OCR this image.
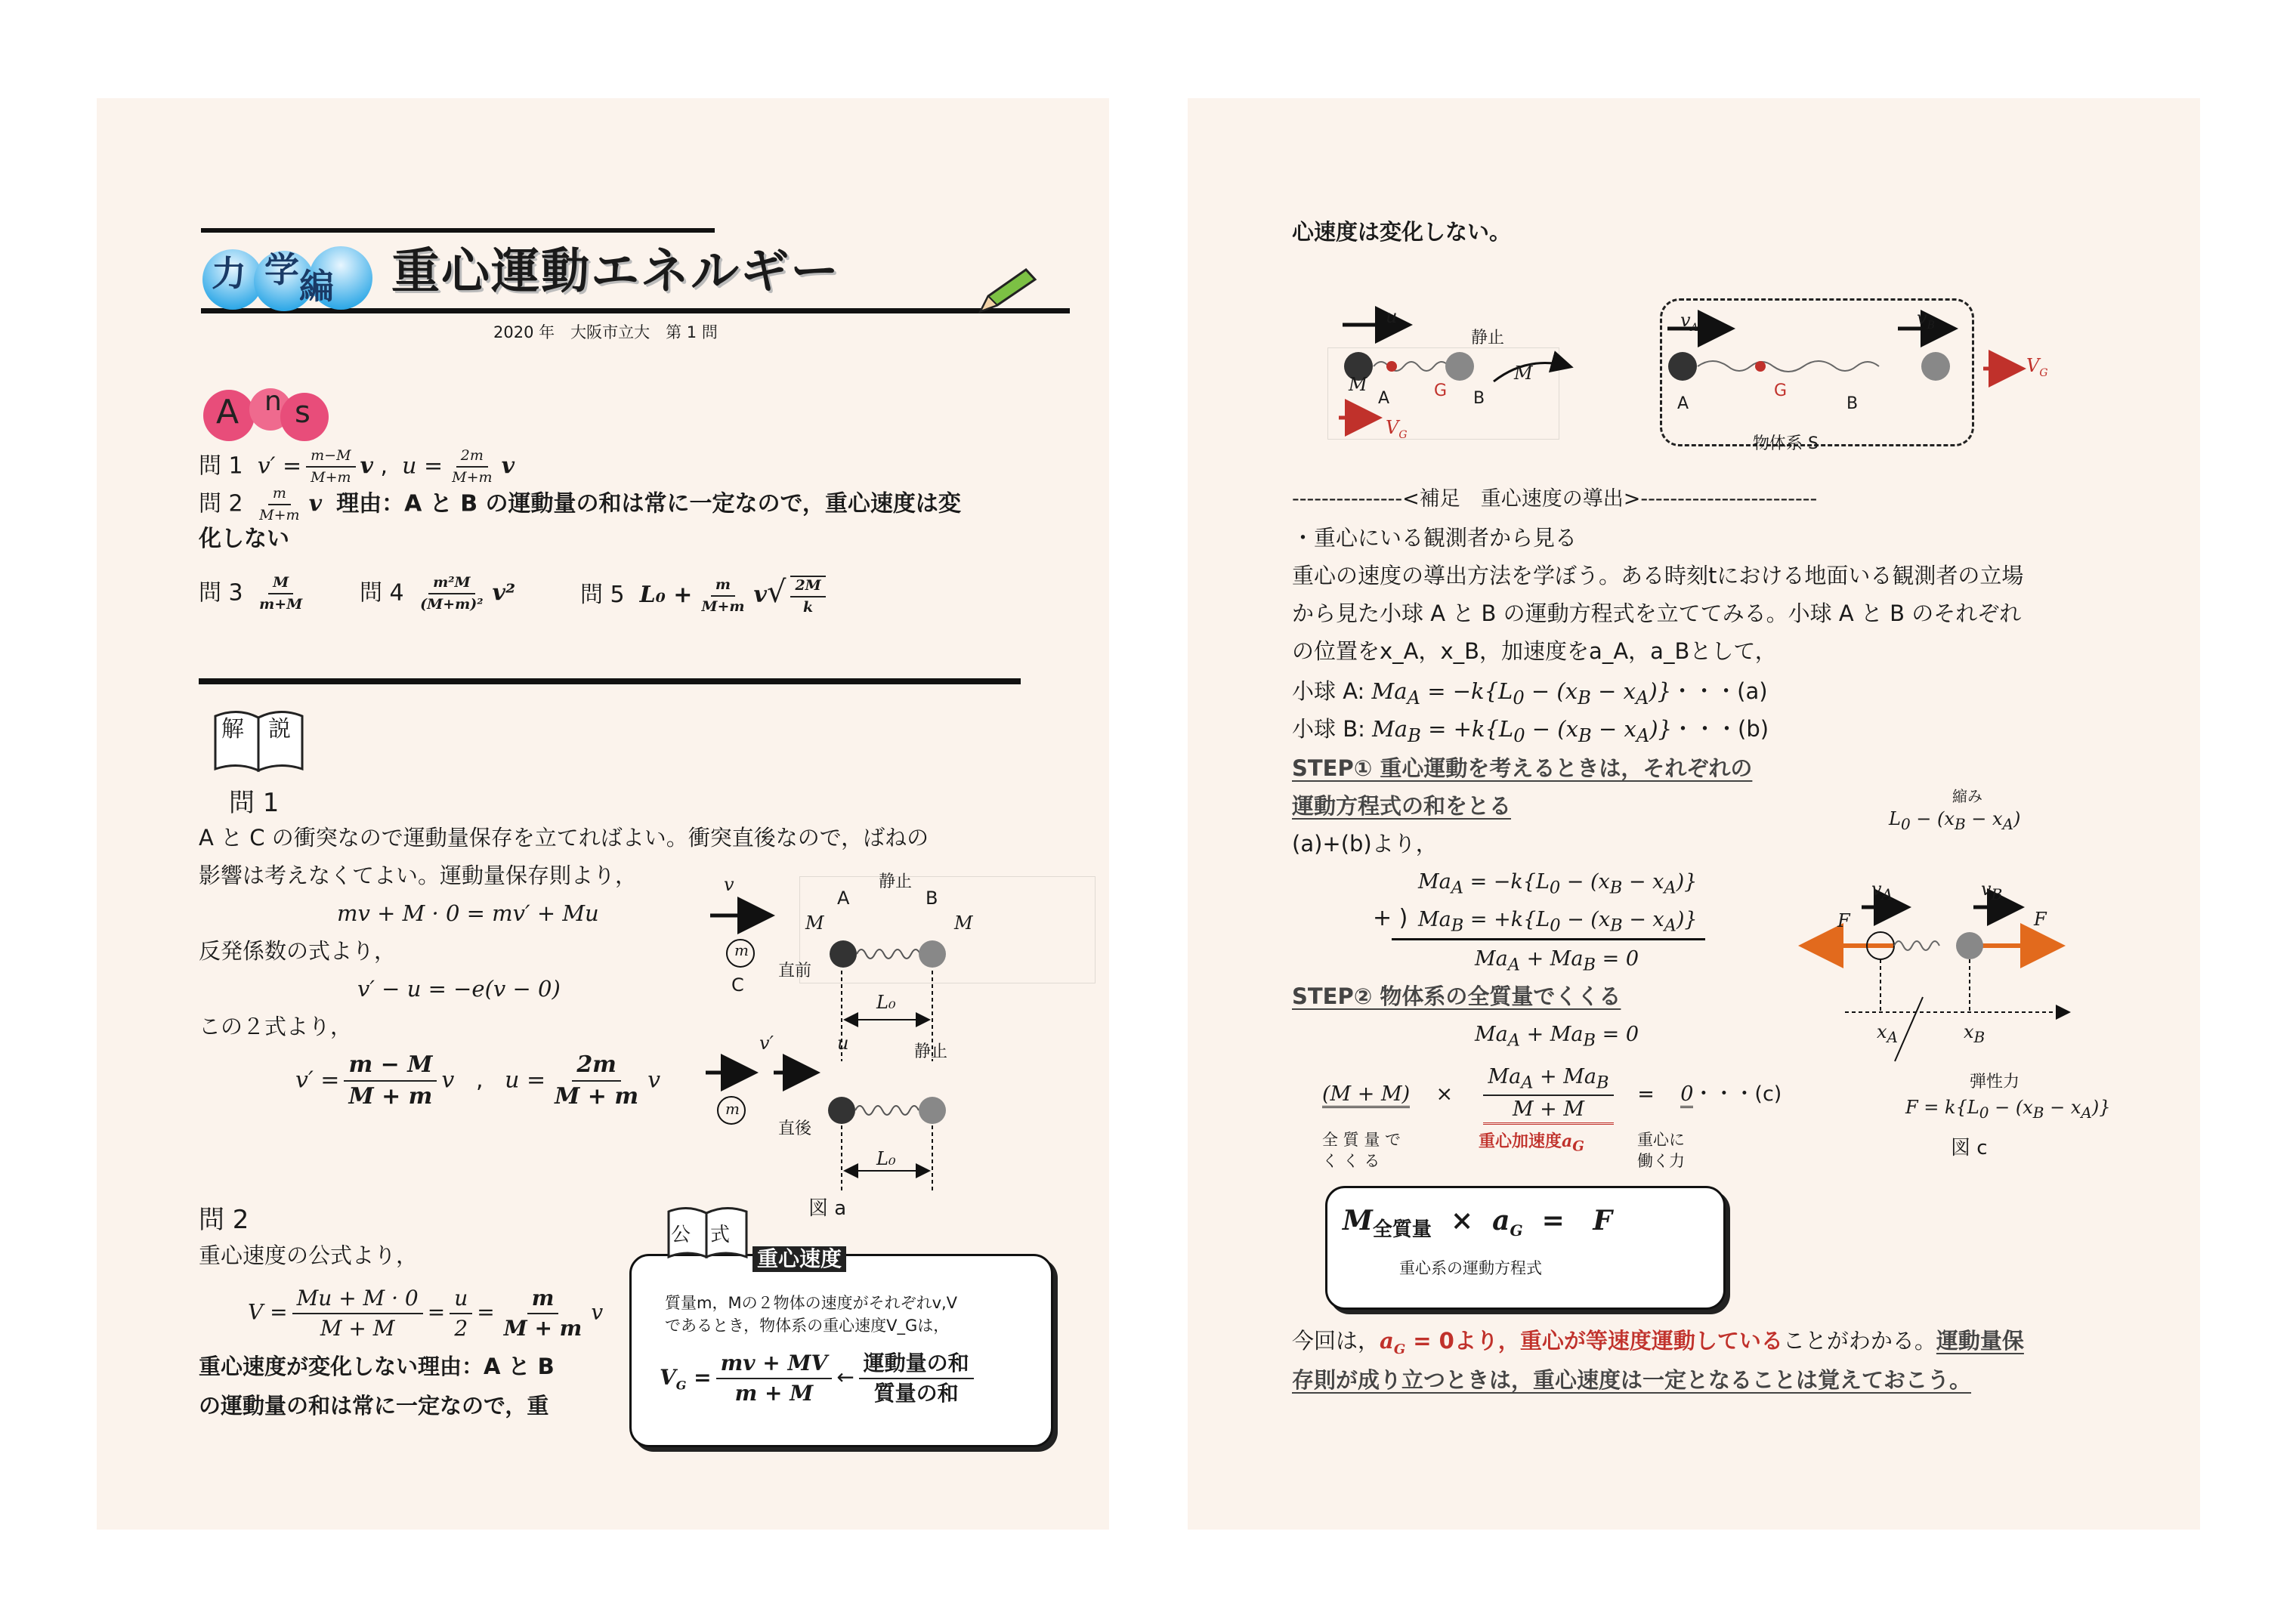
力 学 編 重心運動エネルギー
2020 年　大阪市立大　第 1 問
A n s
問 1  $v' = \frac{m-M}{M+m}$ v ,  $u = \frac{2m}{M+m}$ v
問 $2 \frac{m}{M+m}$ v 理由：A と B の運動量の和は常に一定なので，重心速度は変
化しない
問 $3 \frac{M}{m+M}$ 問 $4 \frac{\text{m²M}}{\text{(M+m)²}} v^2$	問 5  $L_0 + \frac{m}{M+m} v√ \frac{2M}{k}$
解 説
問 1
A と C の衝突なので運動量保存を立てればよい。衝突直後なので，ばねの
影響は考えなくてよい。運動量保存則より，
mv + M · 0 = mv′ + Mu
反発係数の式より，
v′ − u = −e(v − 0)
この２式より，
$v' = \frac{m - M}{M + m}$ v , $u = \frac{2m}{M + m}$ v
v
m
C
A	B
静止
M	M
直前
L₀
v′	u
m
静止
直後
L₀
図 a
問 2
重心速度の公式より，
$V = \frac{Mu + M \cdot 0}{M + M} = \frac{u}{2} = \frac{m}{M + m}$ v
重心速度が変化しない理由：A と B
の運動量の和は常に一定なので，重
公 式
重心速度
質量m，Mの２物体の速度がそれぞれv,V
であるとき，物体系の重心速度V_Gは，
$V_G = \frac{mv + MV}{m + M}$ ← $\frac{\text{運動量の和}}{\text{質量の和}}$
心速度は変化しない。
u
静止
M
M
A	G B
$V_G$
$v_A$	$v_B$
A
G
B
$V_G$
物体系 S
---------------<補足　重心速度の導出>------------------------
・重心にいる観測者から見る
重心の速度の導出方法を学ぼう。ある時刻tにおける地面いる観測者の立場
から見た小球 A と B の運動方程式を立ててみる。小球 A と B のそれぞれ
の位置をx_A，x_B，加速度をa_A，a_Bとして，
小球 A: $Ma_A = -k\{L_0 - (x_B - x_A)\}$・・・(a)
小球 B: $Ma_B = +k\{L_0 - (x_B - x_A)\}$・・・(b)
STEP① 重心運動を考えるときは，それぞれの
運動方程式の和をとる
(a)+(b)より，
$Ma_A = -k\{L_0 - (x_B - x_A)\}$
+ ) $Ma_B = +k\{L_0 - (x_B - x_A)\}$
$Ma_A + Ma_B = 0$
STEP② 物体系の全質量でくくる
$Ma_A + Ma_B = 0$
(M + M)    × $\frac{Ma_A + Ma_B}{M + M}$ =    0・・・(c)
全 質 量 で
く く る
重心加速度$a_G$	重心に
働く力
$M_{全質量} \times a_G = F$
重心系の運動方程式
縮み
$L_0 - (x_B - x_A)$
$v_A$	$v_B$
F	F
$x_A$	$x_B$
弾性力
$F = k\{L_0 - (x_B - x_A)\}$
図 c
今回は，$a_G = 0$より，重心が等速度運動していることがわかる。運動量保
存則が成り立つときは，重心速度は一定となることは覚えておこう。
